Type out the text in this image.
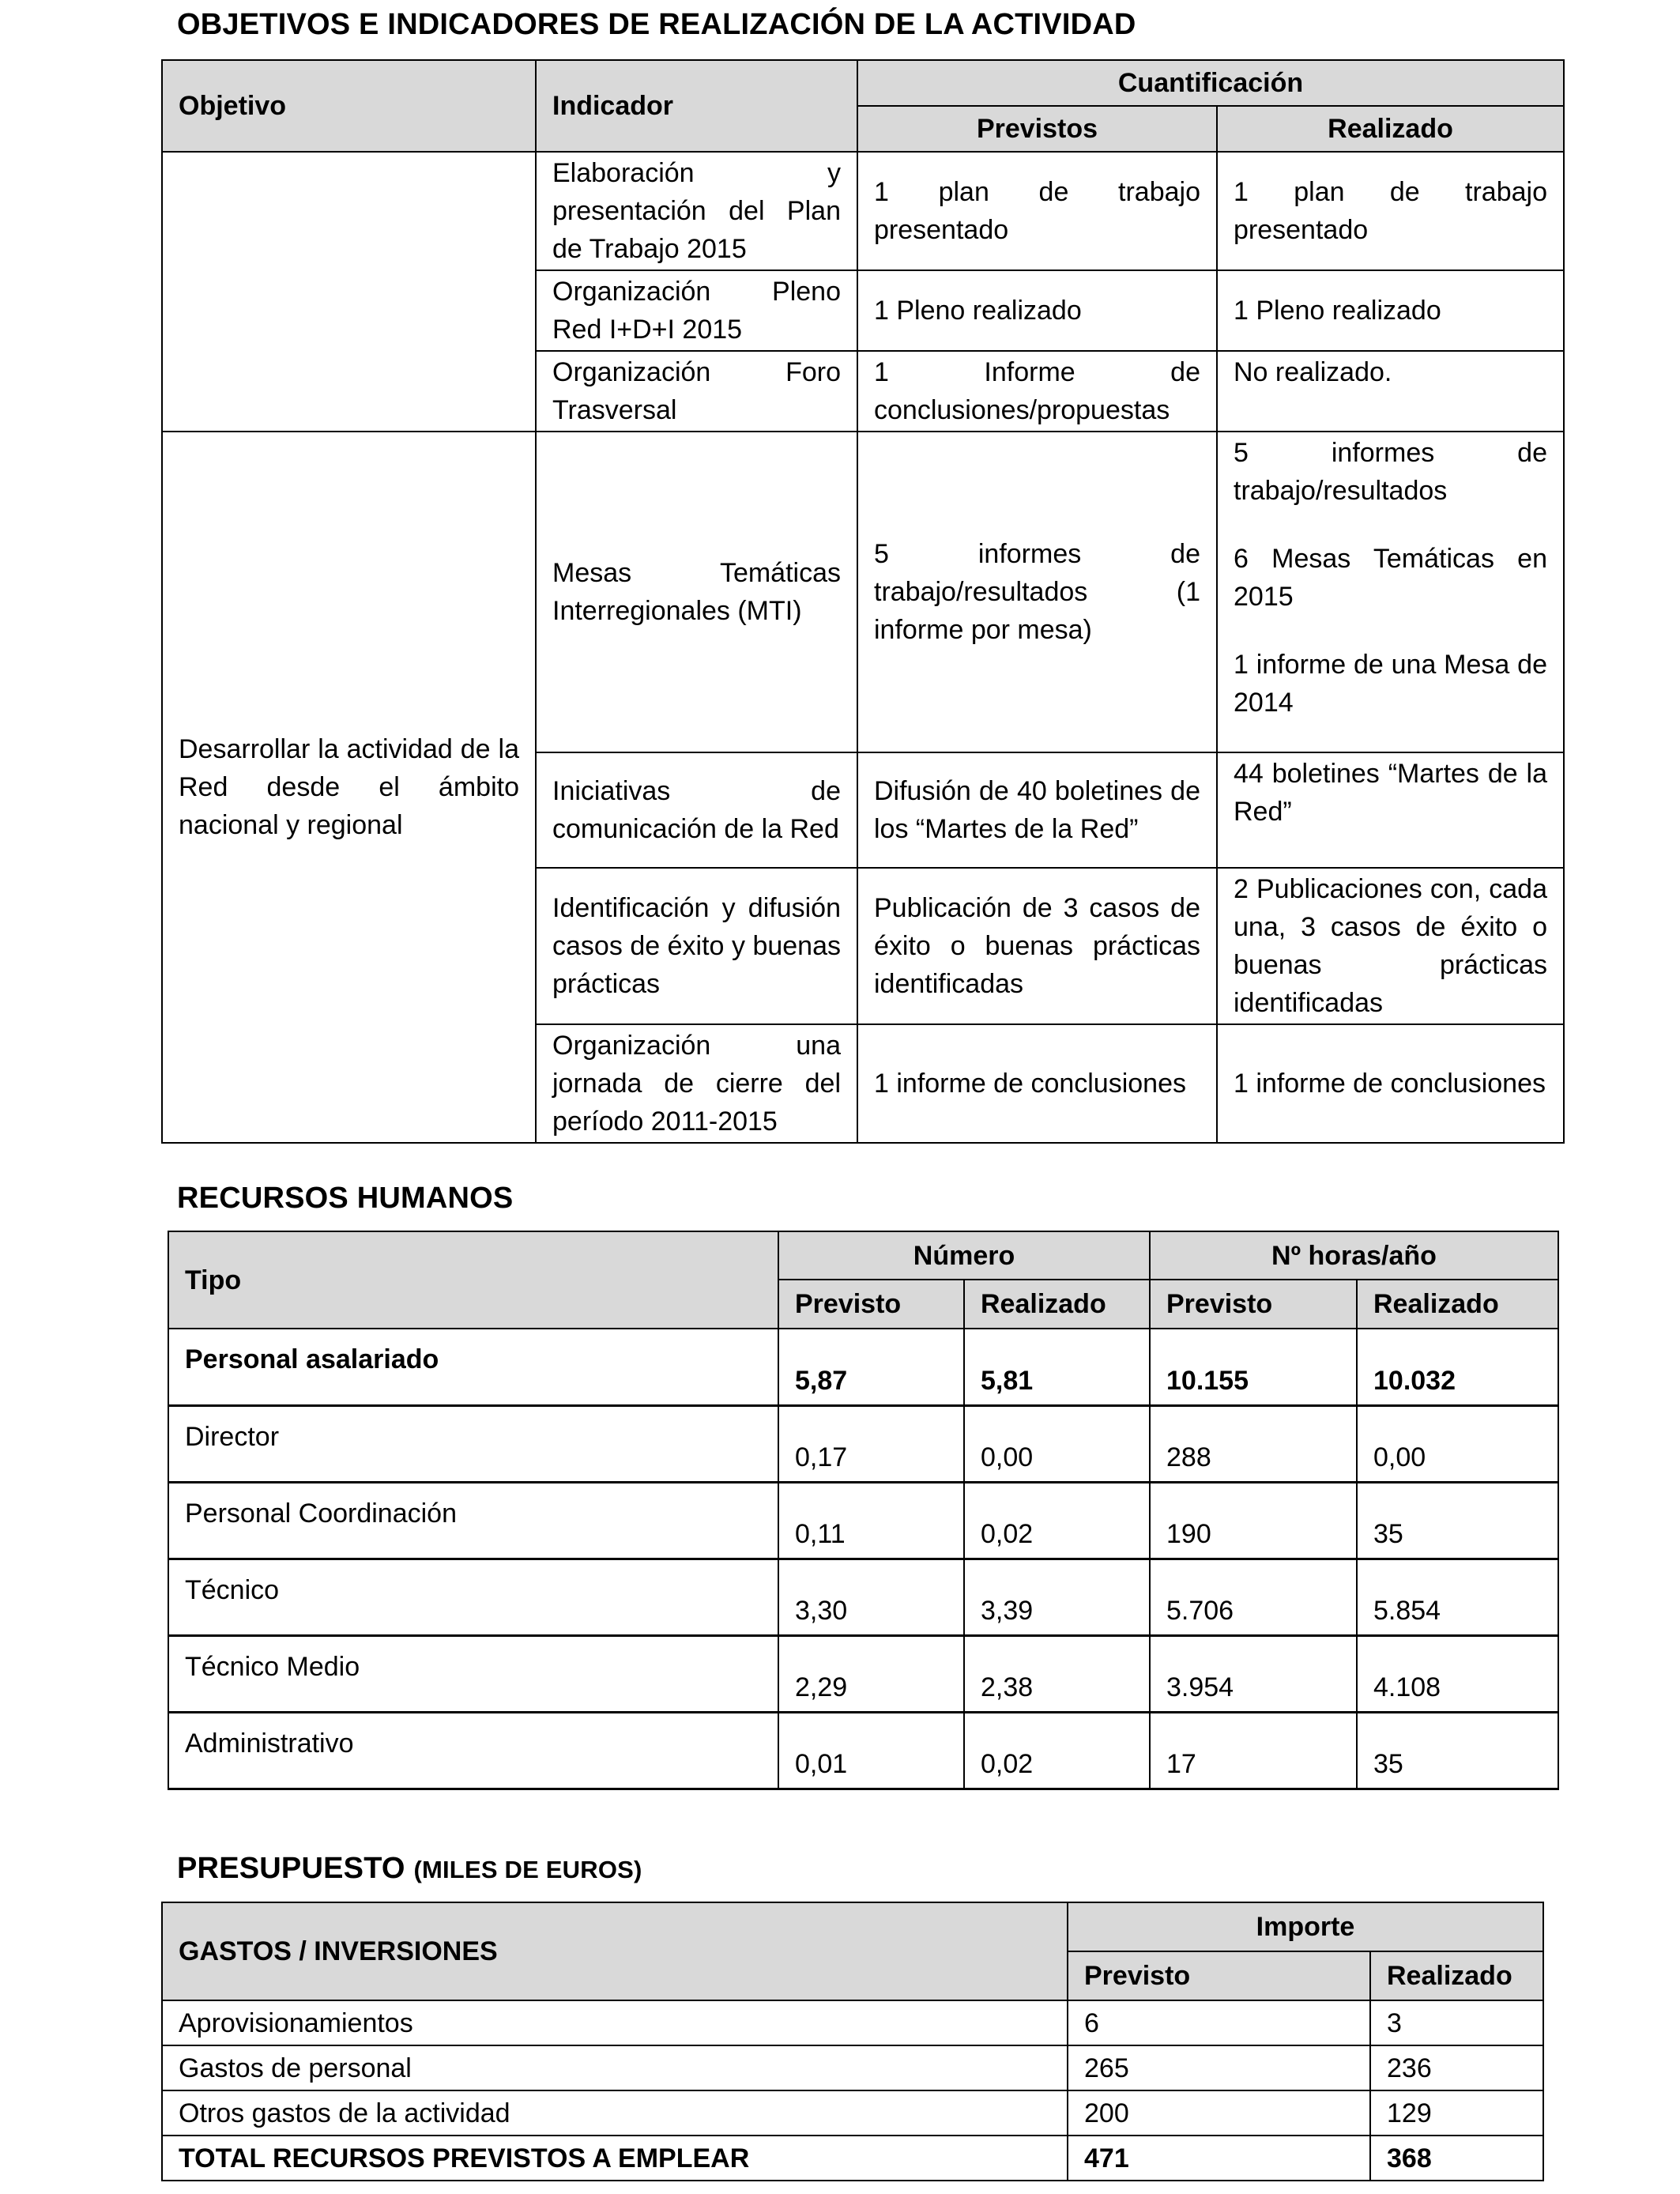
OBJETIVOS E INDICADORES DE REALIZACIÓN DE LA ACTIVIDAD
Objetivo	Indicador	Cuantificación	
		Previstos	Realizado
	Elaboración y presentación del Plan de Trabajo 2015	1 plan de trabajo presentado	1 plan de trabajo presentado
	Organización Pleno Red I+D+I 2015	1 Pleno realizado	1 Pleno realizado
	Organización Foro Trasversal	1 Informe de conclusiones/propuestas	No realizado.
Desarrollar la actividad de la Red desde el ámbito nacional y regional	Mesas Temáticas Interregionales (MTI)	5 informes de trabajo/resultados (1 informe por mesa)	5 informes de trabajo/resultados

6 Mesas Temáticas en 2015

1 informe de una Mesa de 2014

	Iniciativas de comunicación de la Red	Difusión de 40 boletines de los “Martes de la Red”	44 boletines “Martes de la Red”
	Identificación y difusión casos de éxito y buenas prácticas	Publicación de 3 casos de éxito o buenas prácticas identificadas	2 Publicaciones con, cada una, 3 casos de éxito o buenas prácticas identificadas
	Organización una jornada de cierre del período 2011-2015	1 informe de conclusiones	1 informe de conclusiones
RECURSOS HUMANOS
Tipo	Número		Nº horas/año	
	Previsto	Realizado	Previsto	Realizado
Personal asalariado	5,87	5,81	10.155	10.032
Director	0,17	0,00	288	0,00
Personal Coordinación	0,11	0,02	190	35
Técnico	3,30	3,39	5.706	5.854
Técnico Medio	2,29	2,38	3.954	4.108
Administrativo	0,01	0,02	17	35
PRESUPUESTO (MILES DE EUROS)
GASTOS / INVERSIONES	Importe	
	Previsto	Realizado
Aprovisionamientos	6	3
Gastos de personal	265	236
Otros gastos de la actividad	200	129
TOTAL RECURSOS PREVISTOS A EMPLEAR	471	368
